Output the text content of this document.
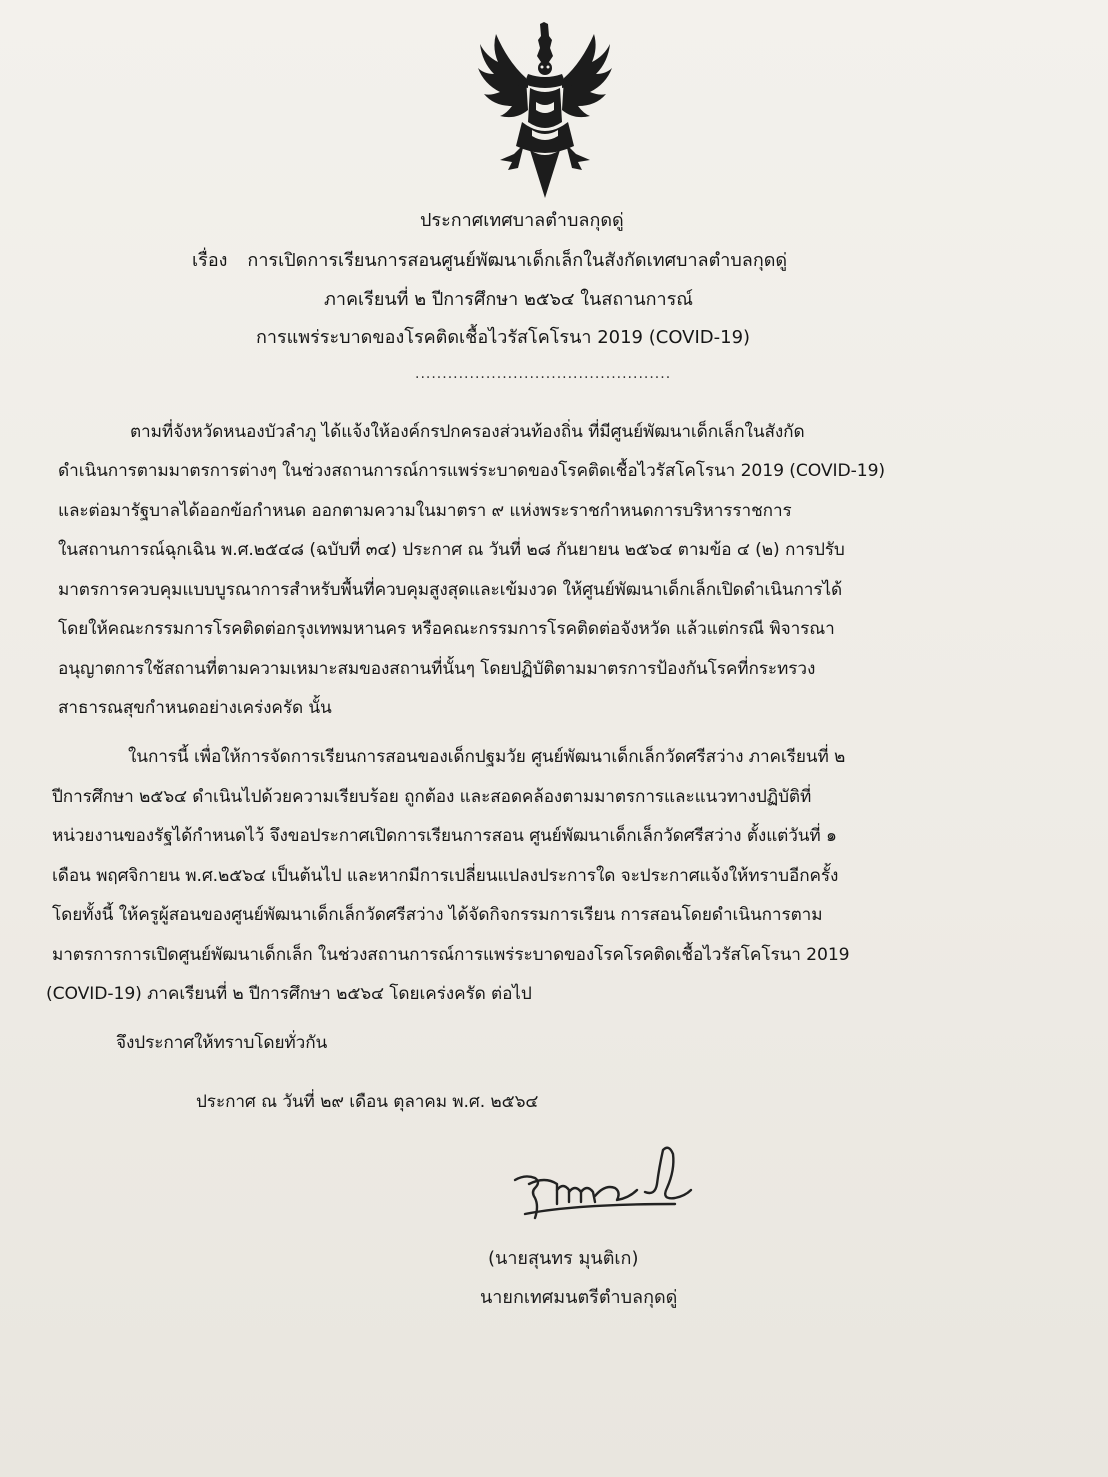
ประกาศเทศบาลตำบลกุดดู่
เรื่อง การเปิดการเรียนการสอนศูนย์พัฒนาเด็กเล็กในสังกัดเทศบาลตำบลกุดดู่
ภาคเรียนที่ ๒ ปีการศึกษา ๒๕๖๔ ในสถานการณ์
การแพร่ระบาดของโรคติดเชื้อไวรัสโคโรนา 2019 (COVID-19)
...............................................
ตามที่จังหวัดหนองบัวลำภู ได้แจ้งให้องค์กรปกครองส่วนท้องถิ่น ที่มีศูนย์พัฒนาเด็กเล็กในสังกัด
ดำเนินการตามมาตรการต่างๆ ในช่วงสถานการณ์การแพร่ระบาดของโรคติดเชื้อไวรัสโคโรนา 2019 (COVID-19)
และต่อมารัฐบาลได้ออกข้อกำหนด ออกตามความในมาตรา ๙ แห่งพระราชกำหนดการบริหารราชการ
ในสถานการณ์ฉุกเฉิน พ.ศ.๒๕๔๘ (ฉบับที่ ๓๔) ประกาศ ณ วันที่ ๒๘ กันยายน ๒๕๖๔ ตามข้อ ๔ (๒) การปรับ
มาตรการควบคุมแบบบูรณาการสำหรับพื้นที่ควบคุมสูงสุดและเข้มงวด ให้ศูนย์พัฒนาเด็กเล็กเปิดดำเนินการได้
โดยให้คณะกรรมการโรคติดต่อกรุงเทพมหานคร หรือคณะกรรมการโรคติดต่อจังหวัด แล้วแต่กรณี พิจารณา
อนุญาตการใช้สถานที่ตามความเหมาะสมของสถานที่นั้นๆ โดยปฏิบัติตามมาตรการป้องกันโรคที่กระทรวง
สาธารณสุขกำหนดอย่างเคร่งครัด นั้น
ในการนี้ เพื่อให้การจัดการเรียนการสอนของเด็กปฐมวัย ศูนย์พัฒนาเด็กเล็กวัดศรีสว่าง ภาคเรียนที่ ๒
ปีการศึกษา ๒๕๖๔ ดำเนินไปด้วยความเรียบร้อย ถูกต้อง และสอดคล้องตามมาตรการและแนวทางปฏิบัติที่
หน่วยงานของรัฐได้กำหนดไว้ จึงขอประกาศเปิดการเรียนการสอน ศูนย์พัฒนาเด็กเล็กวัดศรีสว่าง ตั้งแต่วันที่ ๑
เดือน พฤศจิกายน พ.ศ.๒๕๖๔ เป็นต้นไป และหากมีการเปลี่ยนแปลงประการใด จะประกาศแจ้งให้ทราบอีกครั้ง
โดยทั้งนี้ ให้ครูผู้สอนของศูนย์พัฒนาเด็กเล็กวัดศรีสว่าง ได้จัดกิจกรรมการเรียน การสอนโดยดำเนินการตาม
มาตรการการเปิดศูนย์พัฒนาเด็กเล็ก ในช่วงสถานการณ์การแพร่ระบาดของโรคโรคติดเชื้อไวรัสโคโรนา 2019
(COVID-19) ภาคเรียนที่ ๒ ปีการศึกษา ๒๕๖๔ โดยเคร่งครัด ต่อไป
จึงประกาศให้ทราบโดยทั่วกัน
ประกาศ ณ วันที่ ๒๙ เดือน ตุลาคม พ.ศ. ๒๕๖๔
(นายสุนทร มุนติเก)
นายกเทศมนตรีตำบลกุดดู่
